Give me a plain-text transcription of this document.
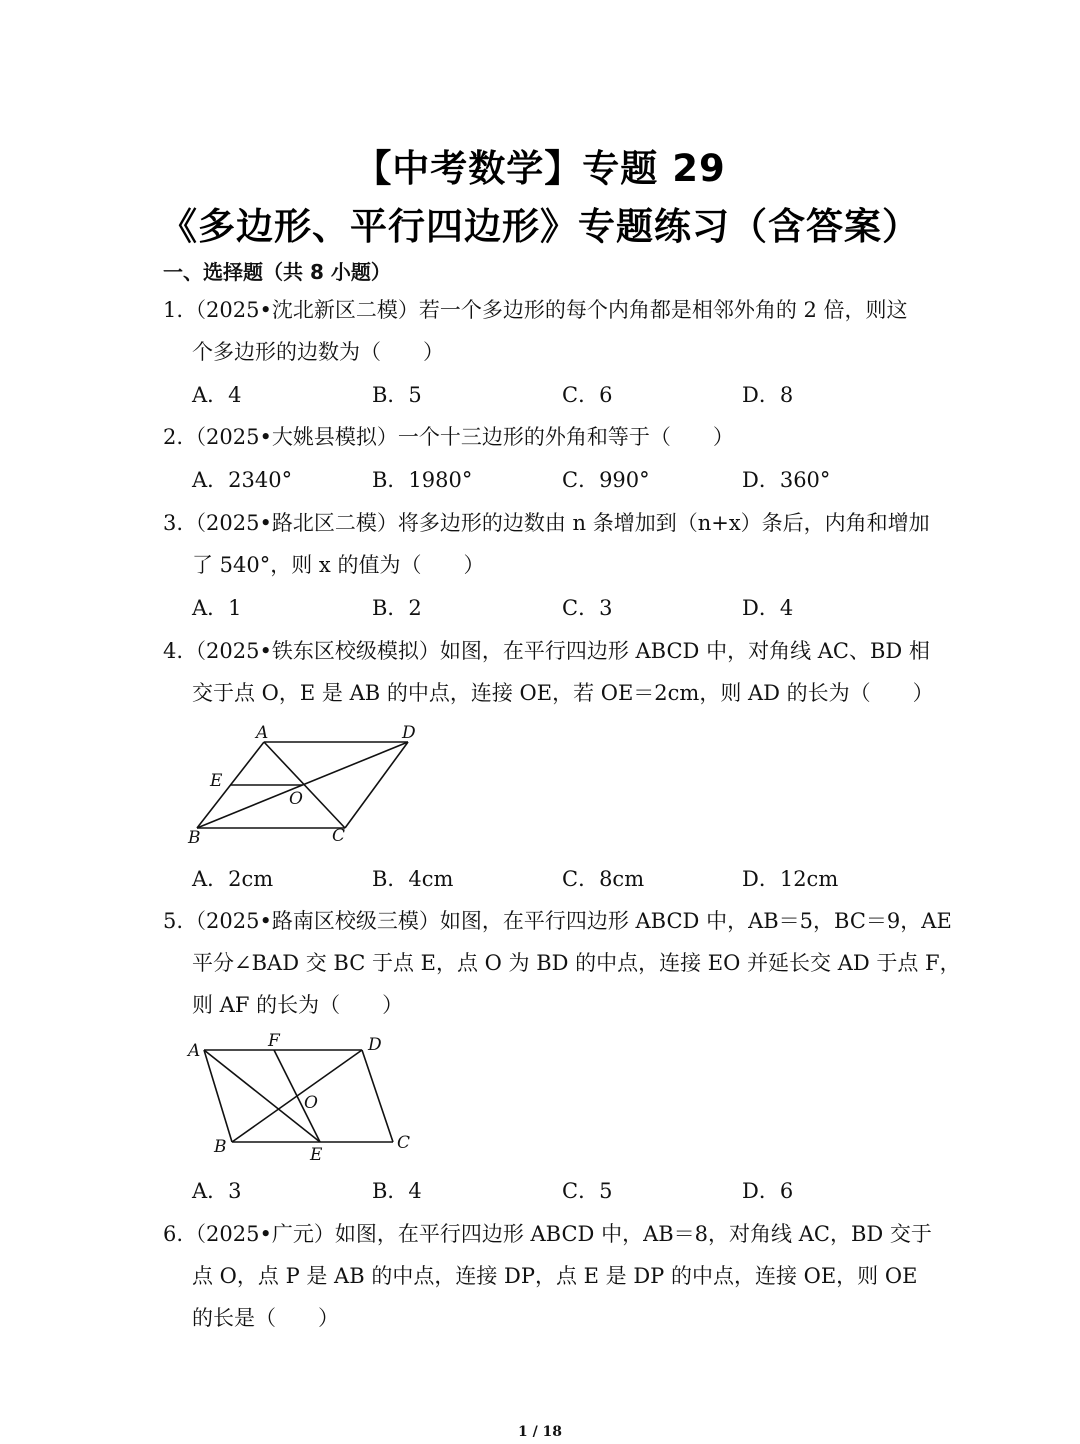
【中考数学】专题 29
《多边形、平行四边形》专题练习（含答案）
一、选择题（共 8 小题）
1. （2025•沈北新区二模）若一个多边形的每个内角都是相邻外角的 2 倍，则这
个多边形的边数为（　　）
A．4	B．5	C．6	D．8
2. （2025•大姚县模拟）一个十三边形的外角和等于（　　）
A．2340°	B．1980°	C．990°	D．360°
3. （2025•路北区二模）将多边形的边数由 n 条增加到（n+x）条后，内角和增加
了 540°，则 x 的值为（　　）
A．1	B．2	C．3	D．4
4. （2025•铁东区校级模拟）如图，在平行四边形 ABCD 中，对角线 AC、BD 相
交于点 O，E 是 AB 的中点，连接 OE，若 OE＝2cm，则 AD 的长为（　　）
A	D
E
O
B	C
A．2cm	B．4cm	C．8cm	D．12cm
5. （2025•路南区校级三模）如图，在平行四边形 ABCD 中，AB＝5，BC＝9，AE
平分∠BAD 交 BC 于点 E，点 O 为 BD 的中点，连接 EO 并延长交 AD 于点 F，
则 AF 的长为（　　）
A	F	D
O
B	E
C
A．3	B．4	C．5	D．6
6. （2025•广元）如图，在平行四边形 ABCD 中，AB＝8，对角线 AC，BD 交于
点 O，点 P 是 AB 的中点，连接 DP，点 E 是 DP 的中点，连接 OE，则 OE
的长是（　　）
1 / 18
